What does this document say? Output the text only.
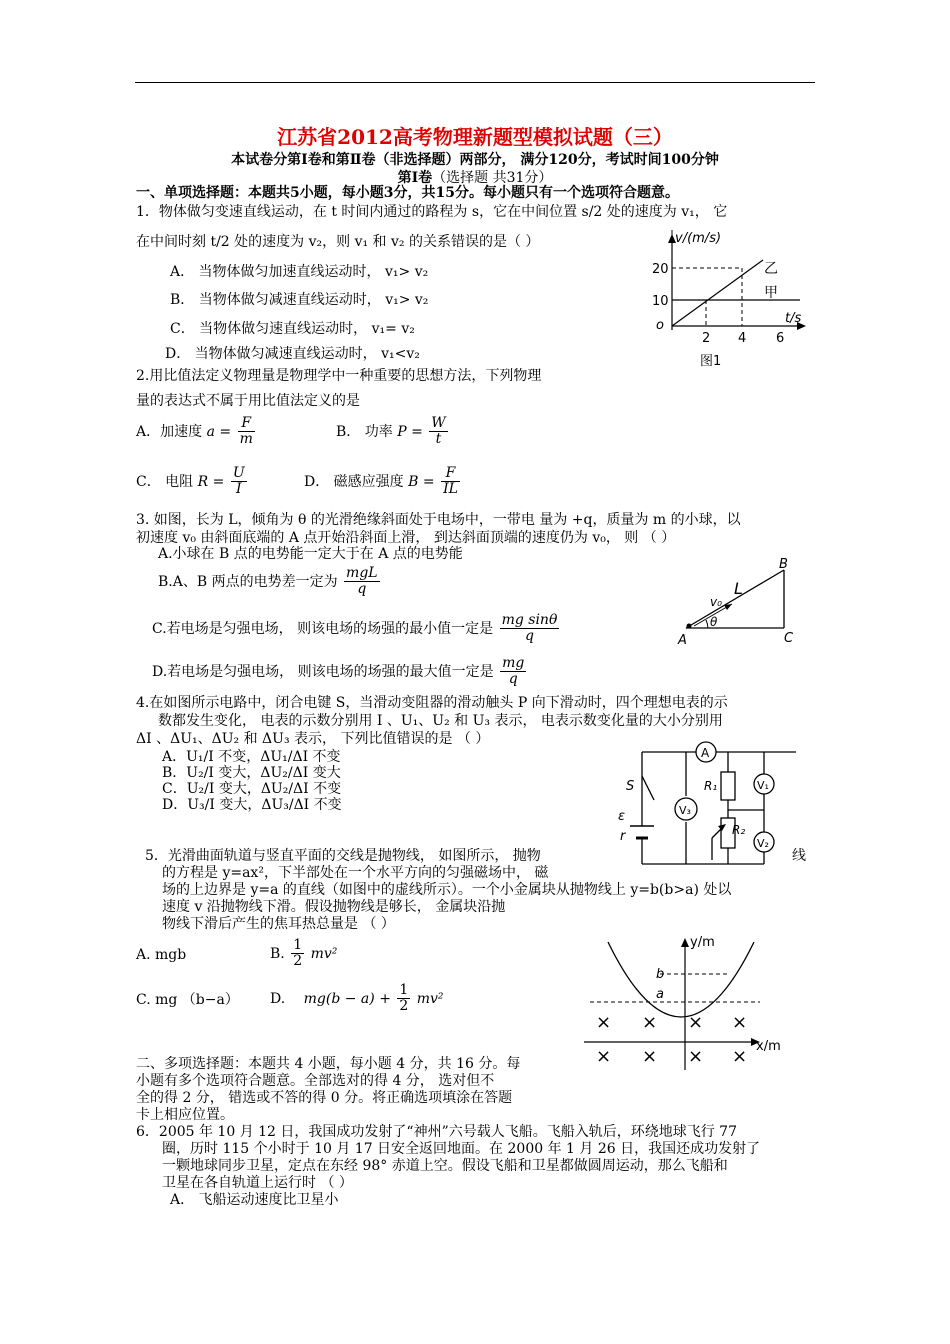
江苏省2012高考物理新题型模拟试题（三）
本试卷分第Ⅰ卷和第Ⅱ卷（非选择题）两部分， 满分120分，考试时间100分钟
第Ⅰ卷（选择题 共31分）
一、单项选择题：本题共5小题，每小题3分，共15分。每小题只有一个选项符合题意。
1．物体做匀变速直线运动，在 t 时间内通过的路程为 s，它在中间位置 s/2 处的速度为 v₁， 它
在中间时刻 t/2 处的速度为 v₂，则 v₁ 和 v₂ 的关系错误的是（ ）
A． 当物体做匀加速直线运动时， v₁> v₂
B． 当物体做匀减速直线运动时， v₁> v₂
C． 当物体做匀速直线运动时， v₁= v₂
D． 当物体做匀减速直线运动时， v₁<v₂
v/(m/s)
20
10
o
2 4 6
t/s
乙
甲
图1
2.用比值法定义物理量是物理学中一种重要的思想方法，下列物理
量的表达式不属于用比值法定义的是
A．加速度 $a = \frac{F}{m}$	B． 功率 $P = \frac{W}{t}$
C． 电阻 $R = \frac{U}{I}$	D． 磁感应强度 $B = \frac{F}{IL}$
3. 如图，长为 L，倾角为 θ 的光滑绝缘斜面处于电场中，一带电 量为 +q，质量为 m 的小球，以
初速度 v₀ 由斜面底端的 A 点开始沿斜面上滑， 到达斜面顶端的速度仍为 v₀， 则 （ ）
A.小球在 B 点的电势能一定大于在 A 点的电势能
B.A、B 两点的电势差一定为 $\frac{\text{mgL}}{q}$
C.若电场是匀强电场， 则该电场的场强的最小值一定是 $\frac{\text{mg sinθ}}{q}$
D.若电场是匀强电场， 则该电场的场强的最大值一定是 $\frac{mg}{q}$
A
B
C
L
v₀
θ
4.在如图所示电路中，闭合电键 S，当滑动变阻器的滑动触头 P 向下滑动时，四个理想电表的示
数都发生变化， 电表的示数分别用 I 、U₁、U₂ 和 U₃ 表示， 电表示数变化量的大小分别用
ΔI 、ΔU₁、ΔU₂ 和 ΔU₃ 表示， 下列比值错误的是 （ ）
A．U₁/I 不变，ΔU₁/ΔI 不变
B．U₂/I 变大，ΔU₂/ΔI 变大
C．U₂/I 变大，ΔU₂/ΔI 不变
D．U₃/I 变大，ΔU₃/ΔI 不变
A
S	R₁	V₁
V₃
R₂
V₂
ε
r
5．光滑曲面轨道与竖直平面的交线是抛物线， 如图所示， 抛物	线
的方程是 y=ax²，下半部处在一个水平方向的匀强磁场中， 磁
场的上边界是 y=a 的直线（如图中的虚线所示）。一个小金属块从抛物线上 y=b(b>a) 处以
速度 v 沿抛物线下滑。假设抛物线是够长， 金属块沿抛
物线下滑后产生的焦耳热总量是 （ ）
A. mgb	B. $\frac{1}{2} mv^2$
C. mg （b−a） D. $mg(b - a) + \frac{1}{2} mv^2$
y/m
x/m
b
a
× × × ×
× × × ×
二、多项选择题：本题共 4 小题，每小题 4 分，共 16 分。每
小题有多个选项符合题意。全部选对的得 4 分， 选对但不
全的得 2 分， 错选或不答的得 0 分。将正确选项填涂在答题
卡上相应位置。
6．2005 年 10 月 12 日，我国成功发射了“神州”六号载人飞船。飞船入轨后，环绕地球飞行 77
圈，历时 115 个小时于 10 月 17 日安全返回地面。在 2000 年 1 月 26 日，我国还成功发射了
一颗地球同步卫星，定点在东经 98° 赤道上空。假设飞船和卫星都做圆周运动，那么飞船和
卫星在各自轨道上运行时 （ ）
A． 飞船运动速度比卫星小
